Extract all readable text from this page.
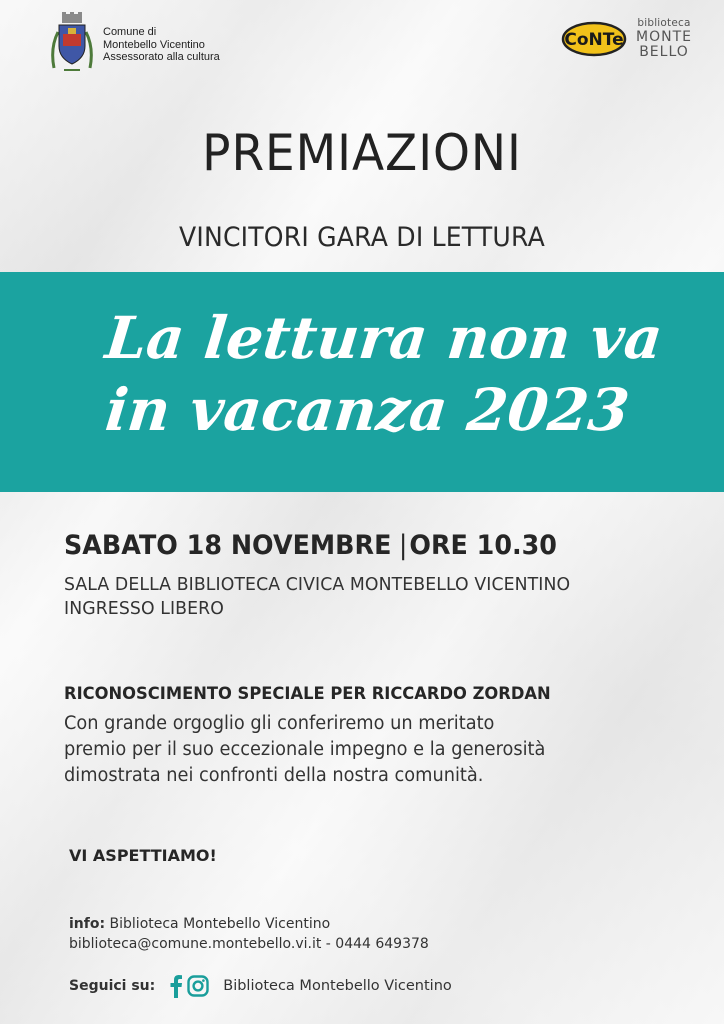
Comune di
Montebello Vicentino
Assessorato alla cultura
CoNTe
biblioteca
MONTE
BELLO
PREMIAZIONI
VINCITORI GARA DI LETTURA
La lettura non va
in vacanza 2023
SABATO 18 NOVEMBRE |ORE 10.30
SALA DELLA BIBLIOTECA CIVICA MONTEBELLO VICENTINO
INGRESSO LIBERO
RICONOSCIMENTO SPECIALE PER RICCARDO ZORDAN
Con grande orgoglio gli conferiremo un meritato
premio per il suo eccezionale impegno e la generosità
dimostrata nei confronti della nostra comunità.
VI ASPETTIAMO!
info: Biblioteca Montebello Vicentino
biblioteca@comune.montebello.vi.it - 0444 649378
Seguici su:	Biblioteca Montebello Vicentino
